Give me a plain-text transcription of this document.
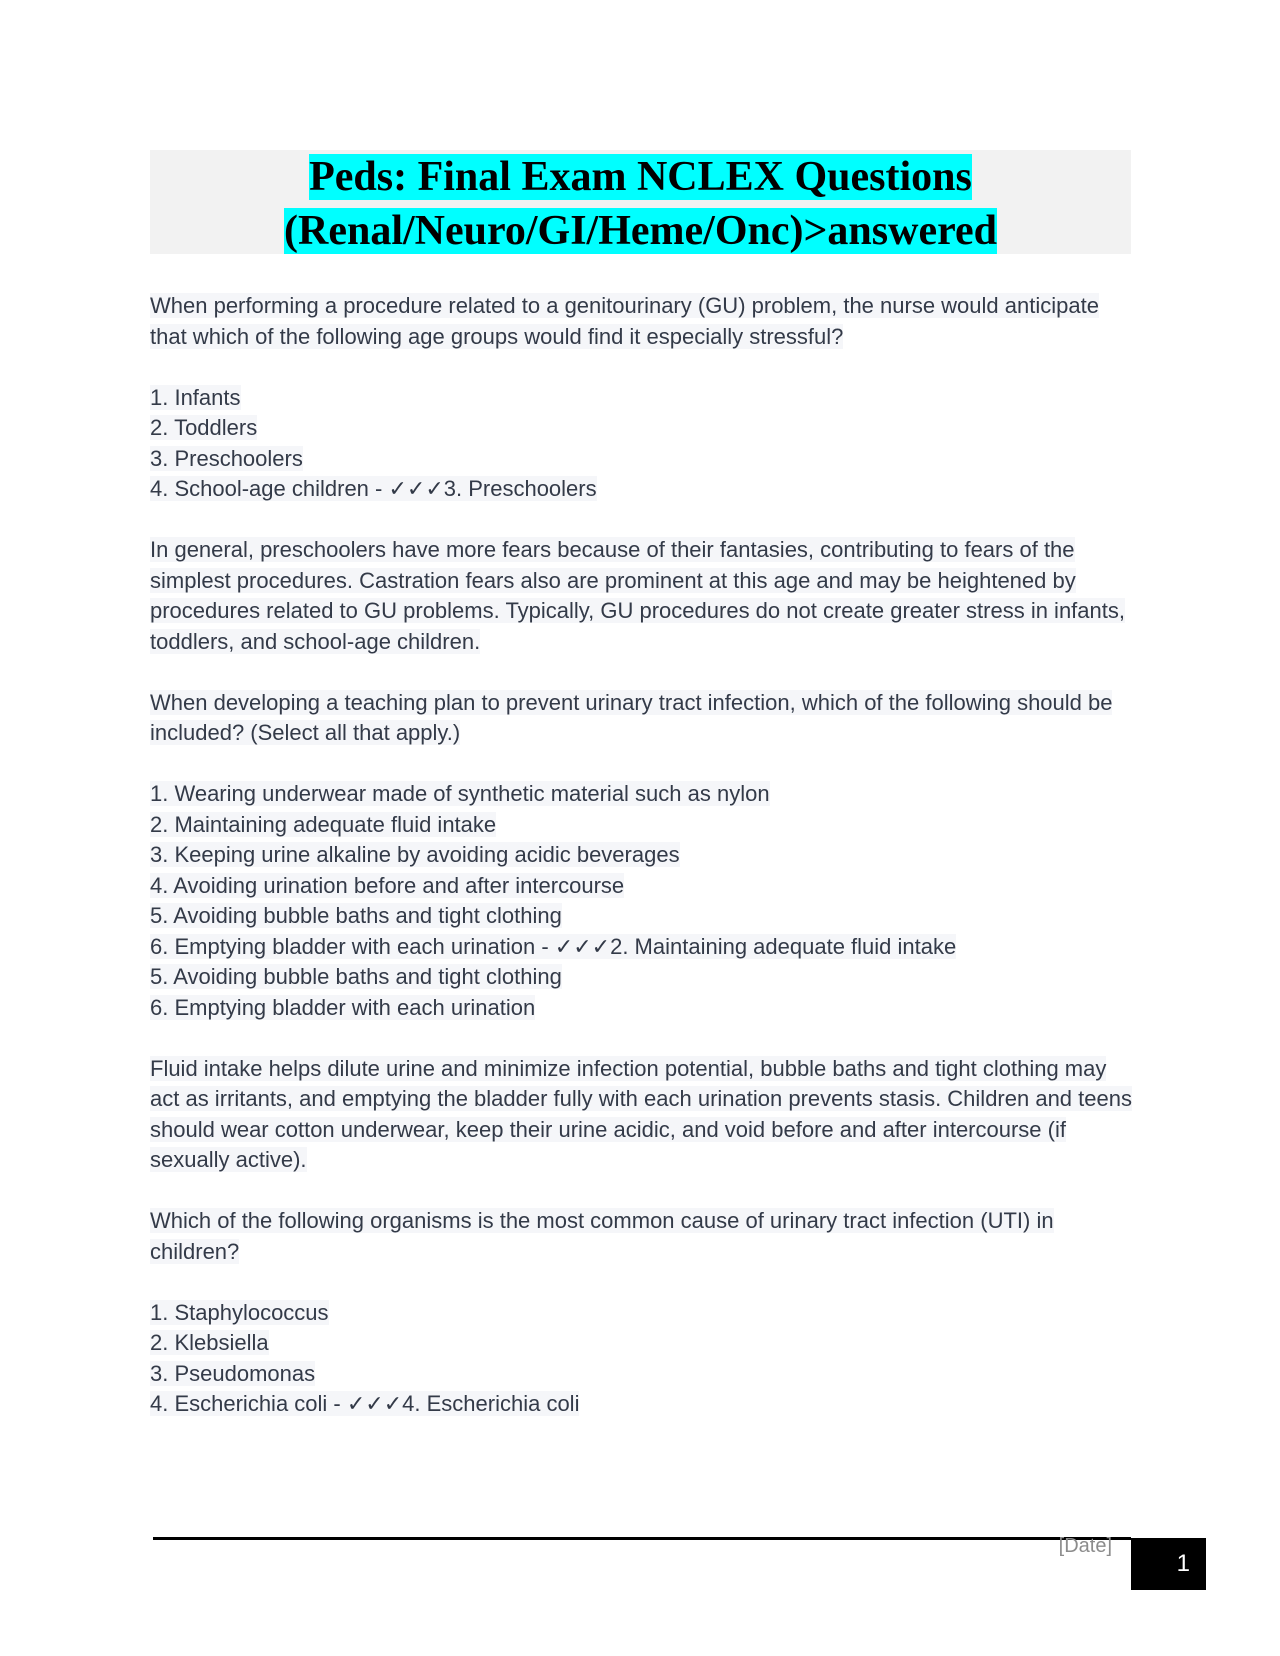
Peds: Final Exam NCLEX Questions

(Renal/Neuro/GI/Heme/Onc)>answered

When performing a procedure related to a genitourinary (GU) problem, the nurse would anticipate that which of the following age groups would find it especially stressful?

1. Infants

2. Toddlers

3. Preschoolers

4. School-age children - ✓✓✓3. Preschoolers

In general, preschoolers have more fears because of their fantasies, contributing to fears of the simplest procedures. Castration fears also are prominent at this age and may be heightened by procedures related to GU problems. Typically, GU procedures do not create greater stress in infants, toddlers, and school-age children.

When developing a teaching plan to prevent urinary tract infection, which of the following should be included? (Select all that apply.)

1. Wearing underwear made of synthetic material such as nylon

2. Maintaining adequate fluid intake

3. Keeping urine alkaline by avoiding acidic beverages

4. Avoiding urination before and after intercourse

5. Avoiding bubble baths and tight clothing

6. Emptying bladder with each urination - ✓✓✓2. Maintaining adequate fluid intake

5. Avoiding bubble baths and tight clothing

6. Emptying bladder with each urination

Fluid intake helps dilute urine and minimize infection potential, bubble baths and tight clothing may act as irritants, and emptying the bladder fully with each urination prevents stasis. Children and teens should wear cotton underwear, keep their urine acidic, and void before and after intercourse (if sexually active).

Which of the following organisms is the most common cause of urinary tract infection (UTI) in children?

1. Staphylococcus

2. Klebsiella

3. Pseudomonas

4. Escherichia coli - ✓✓✓4. Escherichia coli

[Date]
1
